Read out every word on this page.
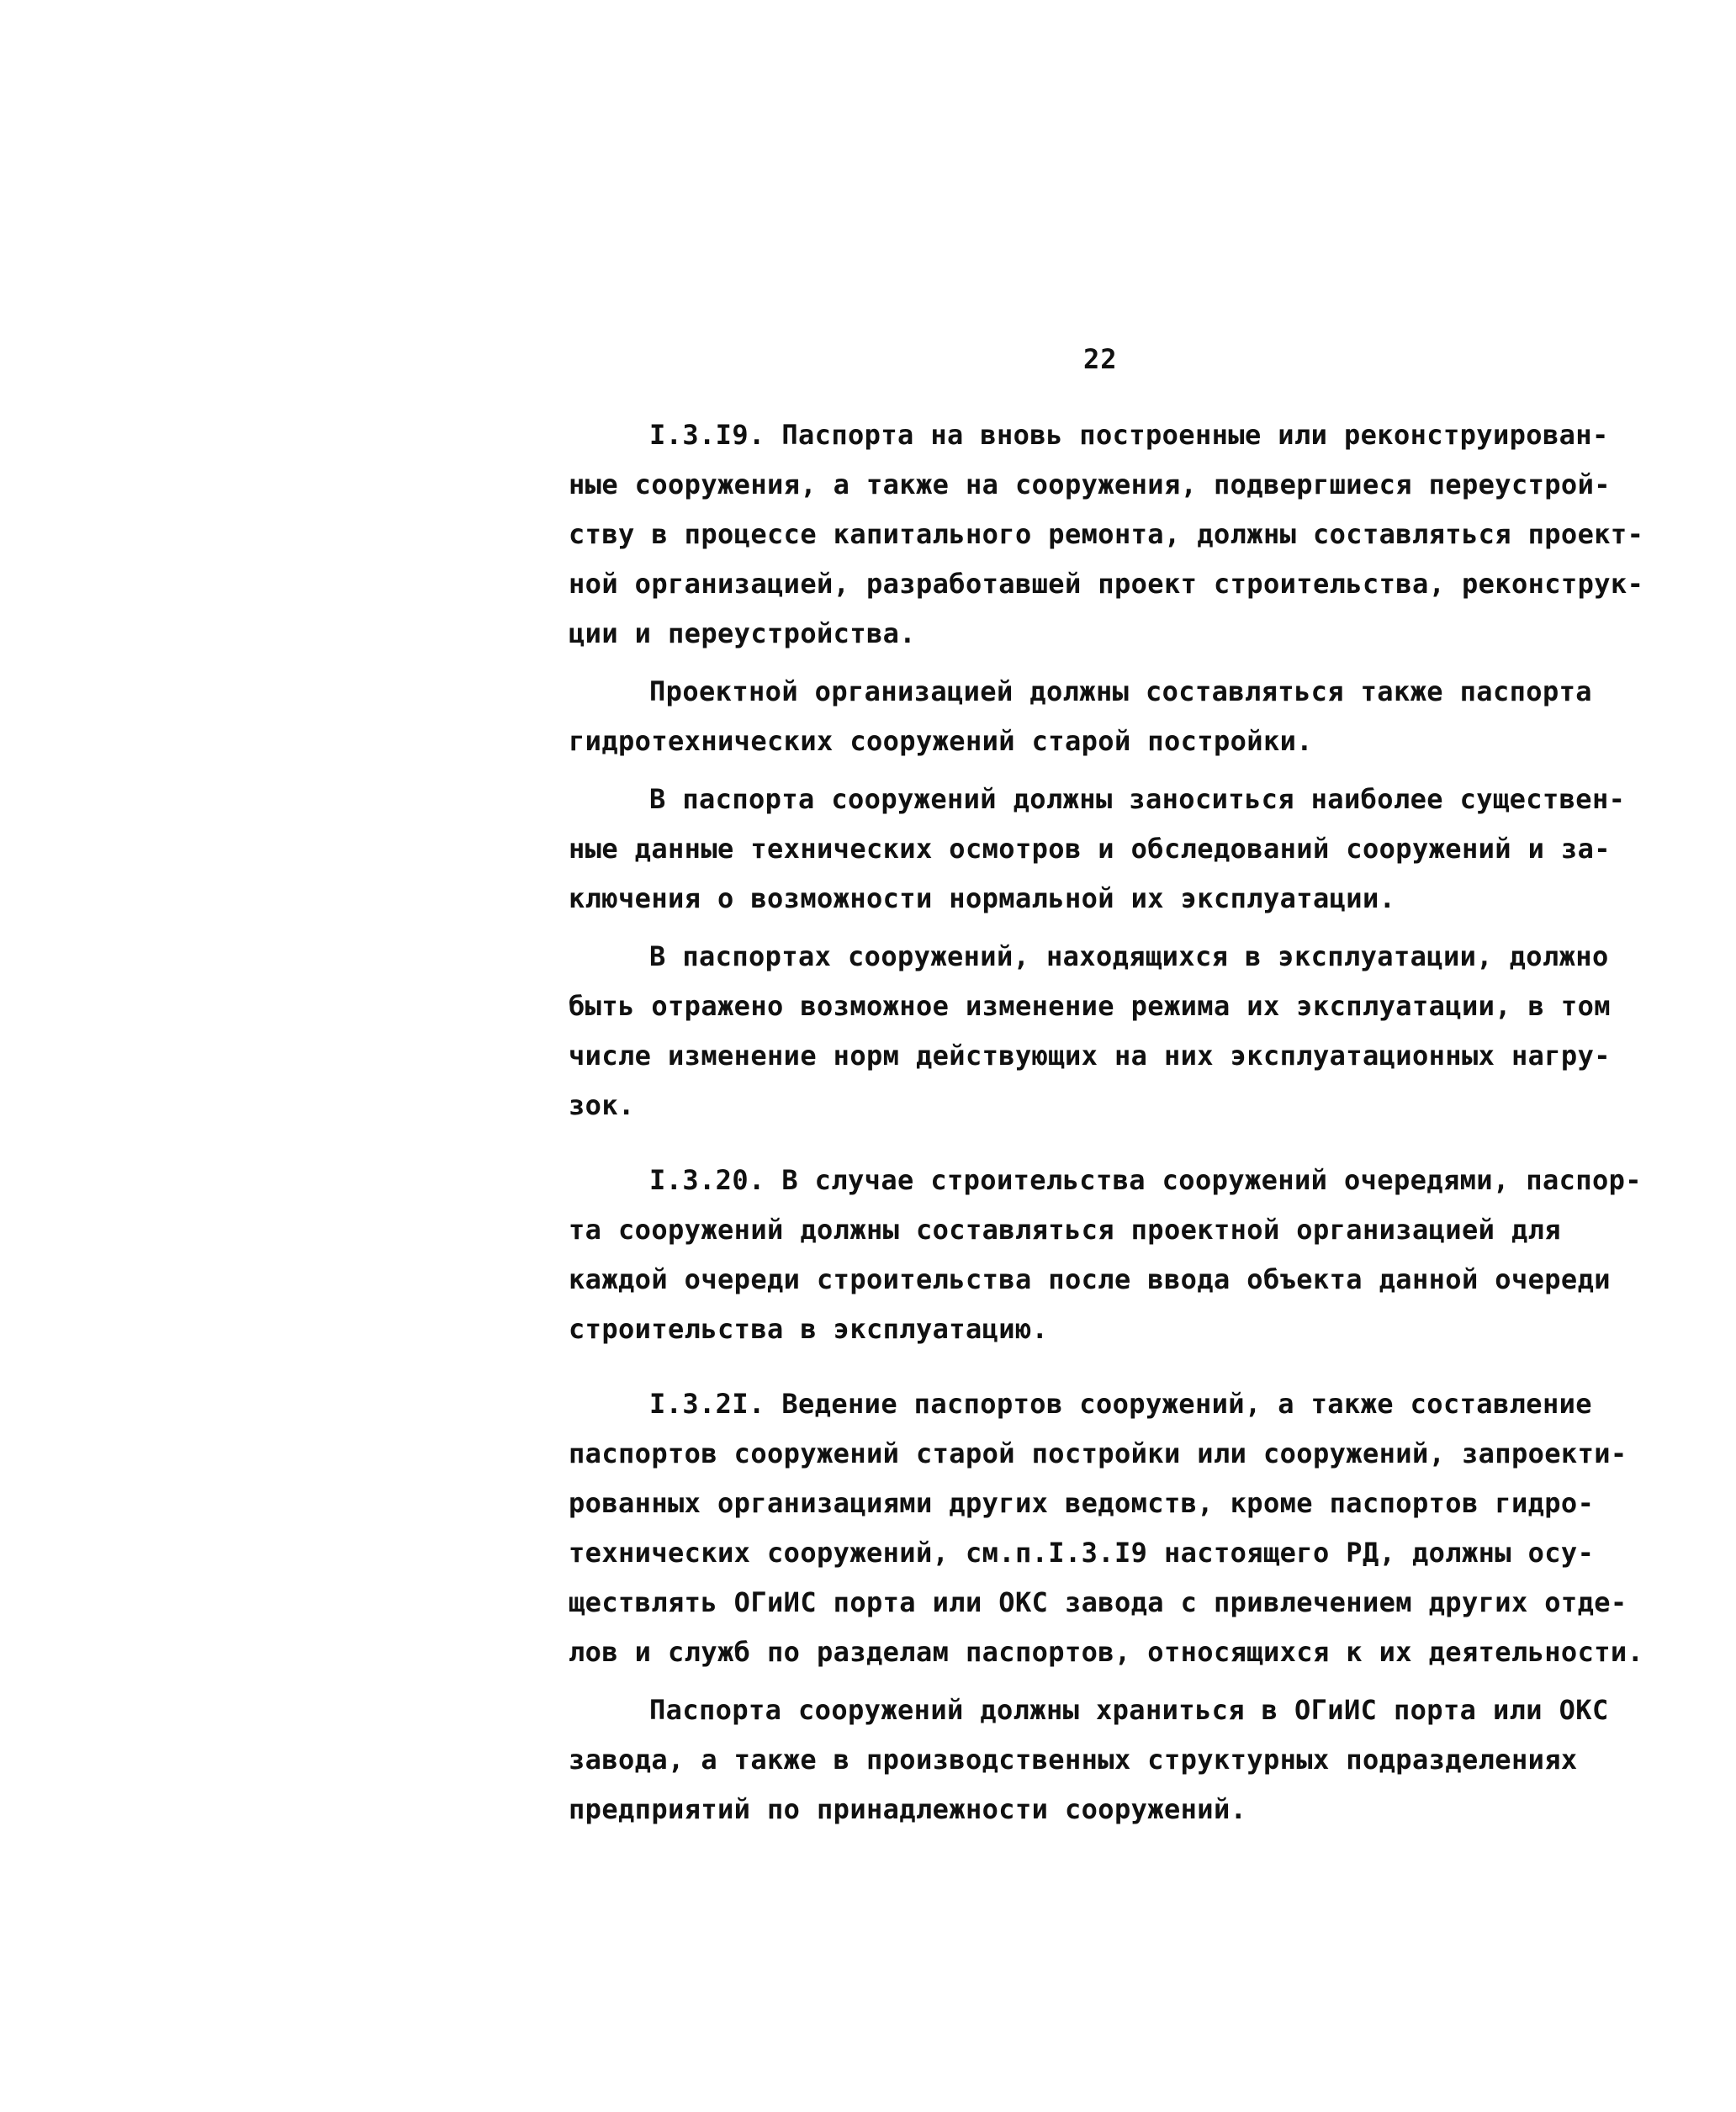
22
I.3.I9. Паспорта на вновь построенные или реконструирован-
ные сооружения, а также на сооружения, подвергшиеся переустрой-
ству в процессе капитального ремонта, должны составляться проект-
ной организацией, разработавшей проект строительства, реконструк-
ции и переустройства.
Проектной организацией должны составляться также паспорта
гидротехнических сооружений старой постройки.
В паспорта сооружений должны заноситься наиболее существен-
ные данные технических осмотров и обследований сооружений и за-
ключения о возможности нормальной их эксплуатации.
В паспортах сооружений, находящихся в эксплуатации, должно
быть отражено возможное изменение режима их эксплуатации, в том
числе изменение норм действующих на них эксплуатационных нагру-
зок.
I.3.20. В случае строительства сооружений очередями, паспор-
та сооружений должны составляться проектной организацией для
каждой очереди строительства после ввода объекта данной очереди
строительства в эксплуатацию.
I.3.2I. Ведение паспортов сооружений, а также составление
паспортов сооружений старой постройки или сооружений, запроекти-
рованных организациями других ведомств, кроме паспортов гидро-
технических сооружений, см.п.I.3.I9 настоящего РД, должны осу-
ществлять ОГиИС порта или ОКС завода с привлечением других отде-
лов и служб по разделам паспортов, относящихся к их деятельности.
Паспорта сооружений должны храниться в ОГиИС порта или ОКС
завода, а также в производственных структурных подразделениях
предприятий по принадлежности сооружений.
